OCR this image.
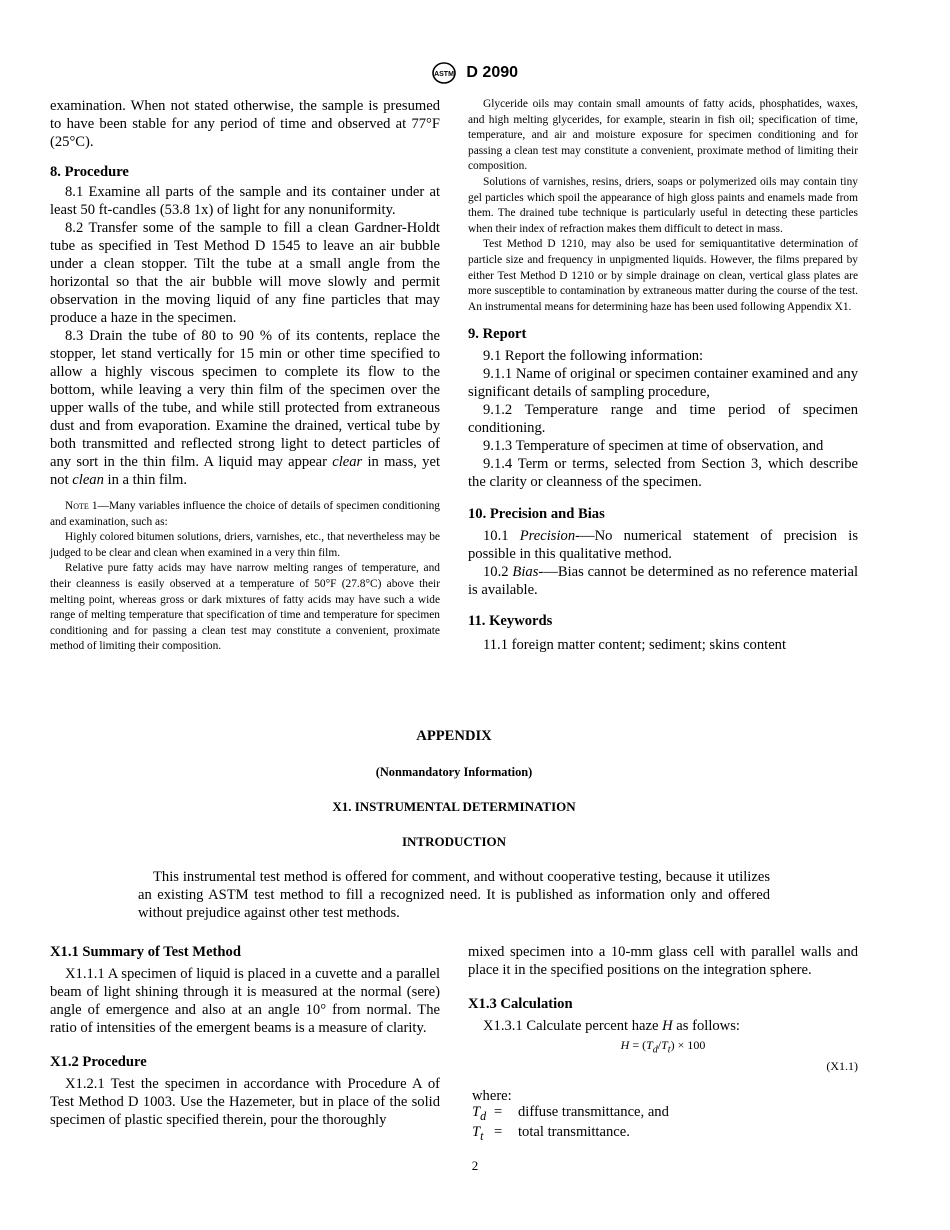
ASTM D 2090

examination. When not stated otherwise, the sample is presumed to have been stable for any period of time and observed at 77°F (25°C).

8. Procedure

8.1 Examine all parts of the sample and its container under at least 50 ft-candles (53.8 1x) of light for any nonuniformity.

8.2 Transfer some of the sample to fill a clean Gardner-Holdt tube as specified in Test Method D 1545 to leave an air bubble under a clean stopper. Tilt the tube at a small angle from the horizontal so that the air bubble will move slowly and permit observation in the moving liquid of any fine particles that may produce a haze in the specimen.

8.3 Drain the tube of 80 to 90 % of its contents, replace the stopper, let stand vertically for 15 min or other time specified to allow a highly viscous specimen to complete its flow to the bottom, while leaving a very thin film of the specimen over the upper walls of the tube, and while still protected from extraneous dust and from evaporation. Examine the drained, vertical tube by both transmitted and reflected strong light to detect particles of any sort in the thin film. A liquid may appear clear in mass, yet not clean in a thin film.

Note 1—Many variables influence the choice of details of specimen conditioning and examination, such as:

Highly colored bitumen solutions, driers, varnishes, etc., that nevertheless may be judged to be clear and clean when examined in a very thin film.

Relative pure fatty acids may have narrow melting ranges of temperature, and their cleanness is easily observed at a temperature of 50°F (27.8°C) above their melting point, whereas gross or dark mixtures of fatty acids may have such a wide range of melting temperature that specification of time and temperature for specimen conditioning and for passing a clean test may constitute a convenient, proximate method of limiting their composition.

Glyceride oils may contain small amounts of fatty acids, phosphatides, waxes, and high melting glycerides, for example, stearin in fish oil; specification of time, temperature, and air and moisture exposure for specimen conditioning and for passing a clean test may constitute a convenient, proximate method of limiting their composition.

Solutions of varnishes, resins, driers, soaps or polymerized oils may contain tiny gel particles which spoil the appearance of high gloss paints and enamels made from them. The drained tube technique is particularly useful in detecting these particles when their index of refraction makes them difficult to detect in mass.

Test Method D 1210, may also be used for semiquantitative determination of particle size and frequency in unpigmented liquids. However, the films prepared by either Test Method D 1210 or by simple drainage on clean, vertical glass plates are more susceptible to contamination by extraneous matter during the course of the test. An instrumental means for determining haze has been used following Appendix X1.

9. Report

9.1 Report the following information:

9.1.1 Name of original or specimen container examined and any significant details of sampling procedure,

9.1.2 Temperature range and time period of specimen conditioning.

9.1.3 Temperature of specimen at time of observation, and

9.1.4 Term or terms, selected from Section 3, which describe the clarity or cleanness of the specimen.

10. Precision and Bias

10.1 Precision-—No numerical statement of precision is possible in this qualitative method.

10.2 Bias-—Bias cannot be determined as no reference material is available.

11. Keywords

11.1 foreign matter content; sediment; skins content

APPENDIX
(Nonmandatory Information)
X1. INSTRUMENTAL DETERMINATION
INTRODUCTION

This instrumental test method is offered for comment, and without cooperative testing, because it utilizes an existing ASTM test method to fill a recognized need. It is published as information only and offered without prejudice against other test methods.

X1.1 Summary of Test Method

X1.1.1 A specimen of liquid is placed in a cuvette and a parallel beam of light shining through it is measured at the normal (sere) angle of emergence and also at an angle 10° from normal. The ratio of intensities of the emergent beams is a measure of clarity.

X1.2 Procedure

X1.2.1 Test the specimen in accordance with Procedure A of Test Method D 1003. Use the Hazemeter, but in place of the solid specimen of plastic specified therein, pour the thoroughly

mixed specimen into a 10-mm glass cell with parallel walls and place it in the specified positions on the integration sphere.

X1.3 Calculation

X1.3.1 Calculate percent haze H as follows:

$H = (T_d/T_t) \times 100$

(X1.1)

where:
$T_d$ = diffuse transmittance, and
$T_t$ = total transmittance.
2
